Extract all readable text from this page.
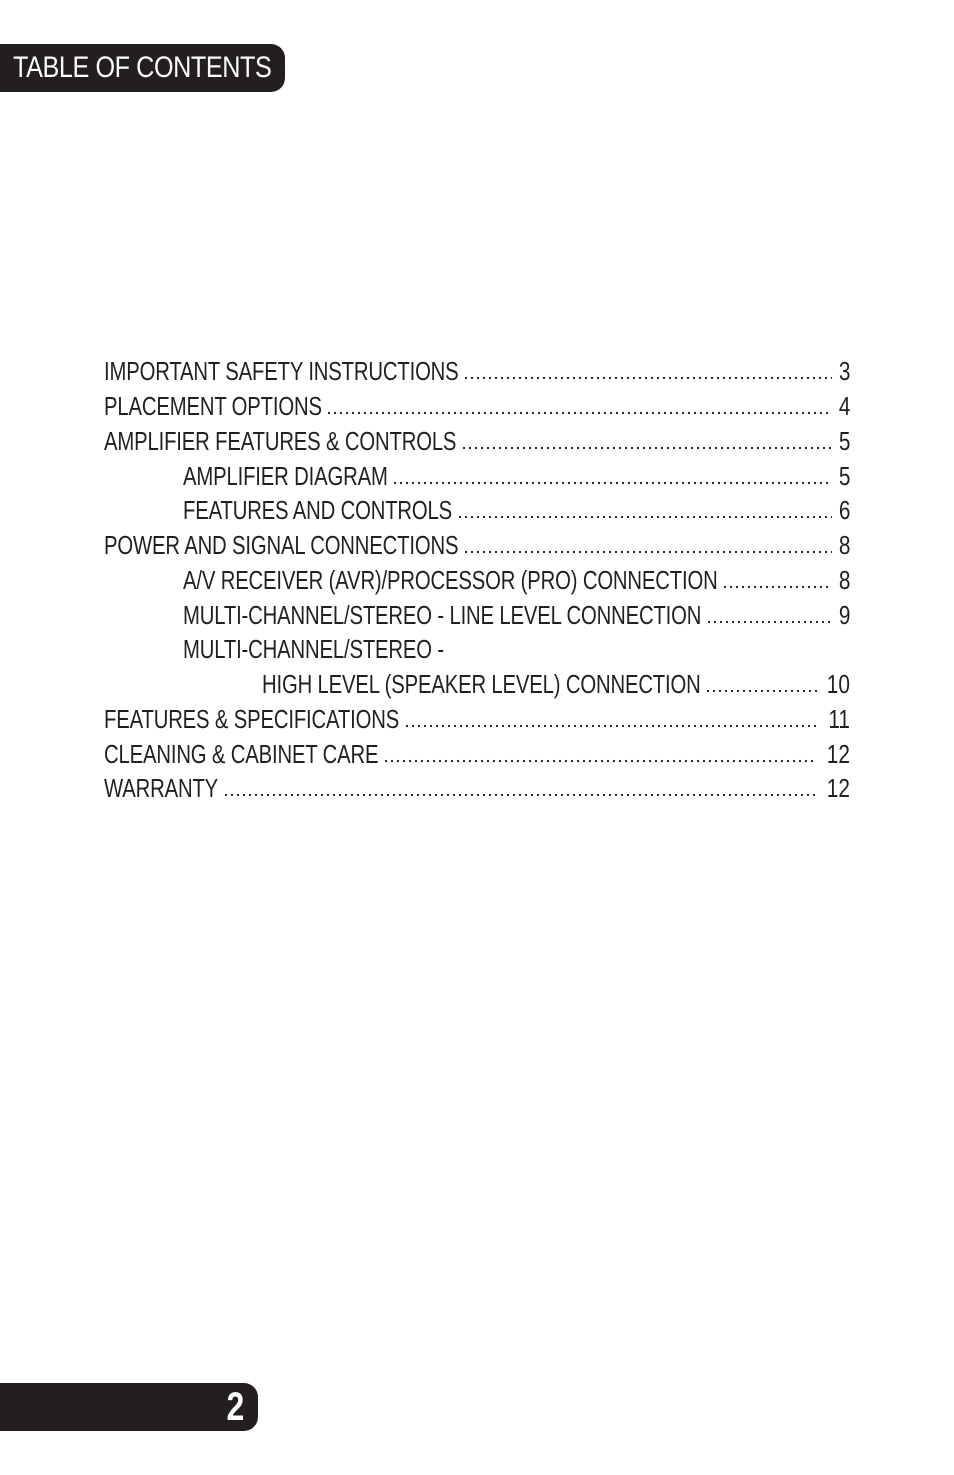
TABLE OF CONTENTS
IMPORTANT SAFETY INSTRUCTIONS	3
PLACEMENT OPTIONS	4
AMPLIFIER FEATURES & CONTROLS	5
AMPLIFIER DIAGRAM	5
FEATURES AND CONTROLS	6
POWER AND SIGNAL CONNECTIONS	8
A/V RECEIVER (AVR)/PROCESSOR (PRO) CONNECTION	8
MULTI-CHANNEL/STEREO - LINE LEVEL CONNECTION	9
MULTI-CHANNEL/STEREO -
HIGH LEVEL (SPEAKER LEVEL) CONNECTION	10
FEATURES & SPECIFICATIONS	11
CLEANING & CABINET CARE	12
WARRANTY	12
2
